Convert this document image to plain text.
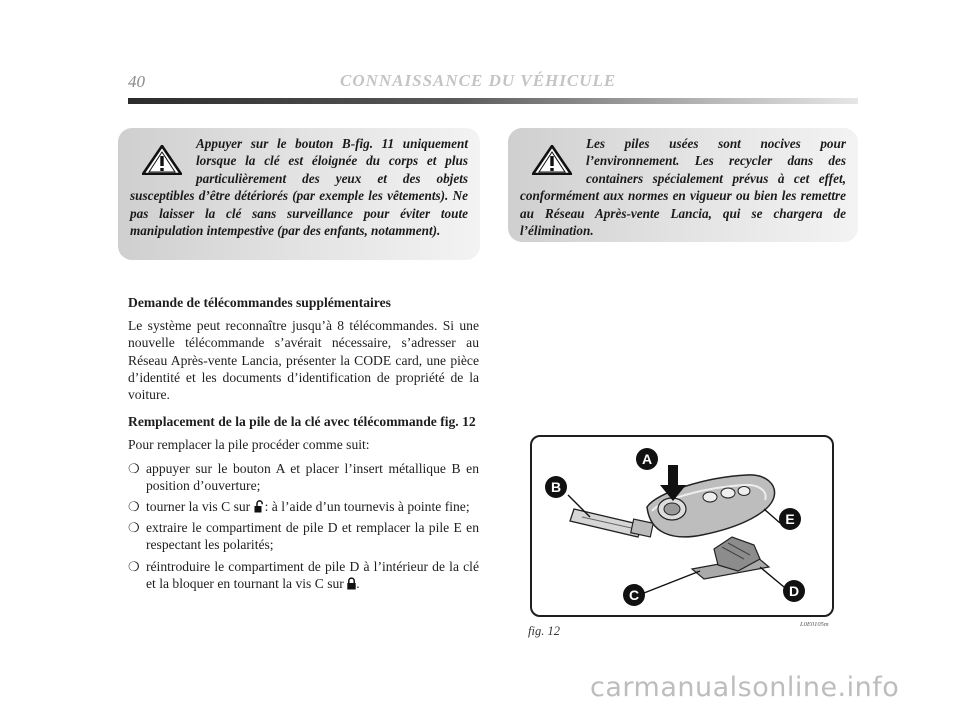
40	CONNAISSANCE DU VÉHICULE

Appuyer sur le bouton B-fig. 11 uniquement lorsque la clé est éloignée du corps et plus particulièrement des yeux et des objets susceptibles d’être détériorés (par exemple les vêtements). Ne pas laisser la clé sans surveillance pour éviter toute manipulation intempestive (par des enfants, notamment).

Les piles usées sont nocives pour l’environnement. Les recycler dans des containers spécialement prévus à cet effet, conformément aux normes en vigueur ou bien les remettre au Réseau Après-vente Lancia, qui se chargera de l’élimination.

Demande de télécommandes supplémentaires

Le système peut reconnaître jusqu’à 8 télécommandes. Si une nouvelle télécommande s’avérait nécessaire, s’adresser au Réseau Après-vente Lancia, présenter la CODE card, une pièce d’identité et les documents d’identification de propriété de la voiture.

Remplacement de la pile de la clé avec télécommande fig. 12

Pour remplacer la pile procéder comme suit:

❍ appuyer sur le bouton A et placer l’insert métallique B en position d’ouverture;
❍ tourner la vis C sur : à l’aide d’un tournevis à pointe fine;
❍ extraire le compartiment de pile D et remplacer la pile E en respectant les polarités;
❍ réintroduire le compartiment de pile D à l’intérieur de la clé et la bloquer en tournant la vis C sur .
A
B
C	D
E
fig. 12	L0E0105m
carmanualsonline.info
